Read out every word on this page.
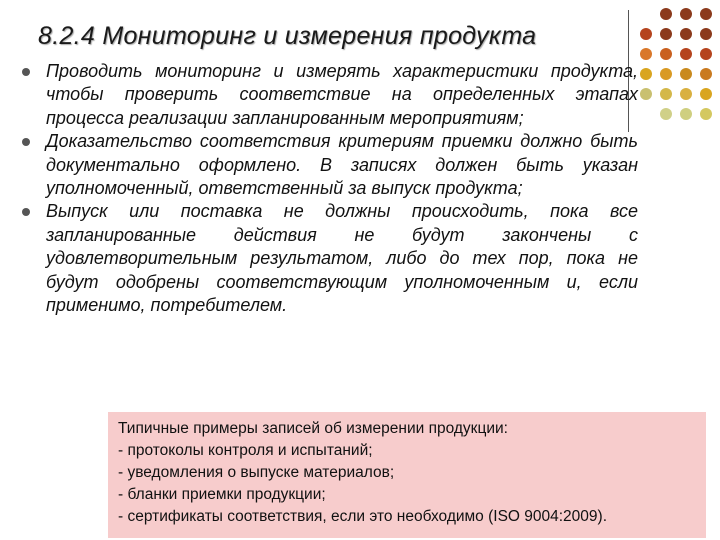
8.2.4 Мониторинг и измерения продукта
Проводить мониторинг и измерять характеристики продукта, чтобы проверить соответствие на определенных этапах процесса реализации запланированным мероприятиям;
Доказательство соответствия критериям приемки должно быть документально оформлено. В записях должен быть указан уполномоченный, ответственный за выпуск продукта;
Выпуск или поставка не должны происходить, пока все запланированные действия не будут закончены с удовлетворительным результатом, либо до тех пор, пока не будут одобрены соответствующим уполномоченным и, если применимо, потребителем.
Типичные примеры записей об измерении продукции:
- протоколы контроля и испытаний;
- уведомления о выпуске материалов;
- бланки приемки продукции;
- сертификаты соответствия, если это необходимо (ISO 9004:2009).
